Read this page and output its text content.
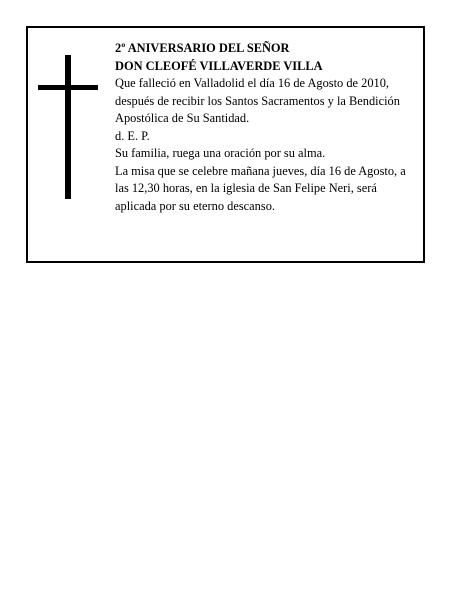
2º ANIVERSARIO DEL SEÑOR
DON CLEOFÉ VILLAVERDE VILLA

Que falleció en Valladolid el día 16 de Agosto de 2010, después de recibir los Santos Sacramentos y la Bendición Apostólica de Su Santidad.

d. E. P.

Su familia, ruega una oración por su alma.

La misa que se celebre mañana jueves, día 16 de Agosto, a las 12,30 horas, en la iglesia de San Felipe Neri, será aplicada por su eterno descanso.
